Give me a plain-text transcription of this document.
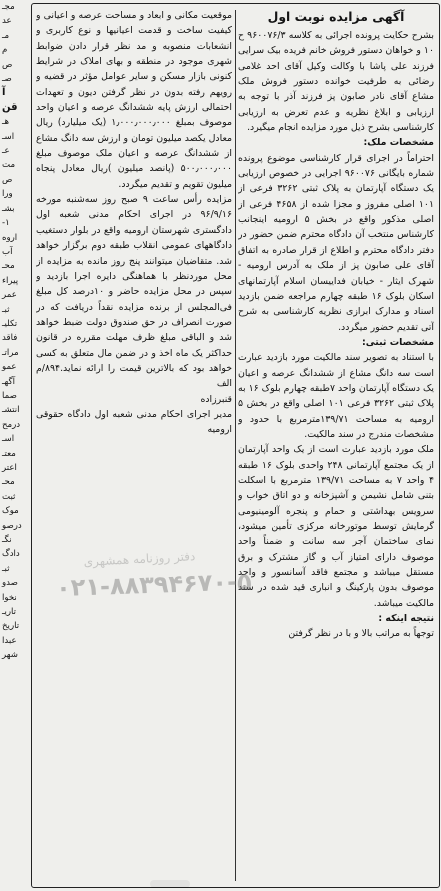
مجـ
عد
مـ
م
ص
صـ
آ
قن
هـ
اسـ
عـ
مت
ص
ورا
بشـ
۱-
اروه
آب
محـ
پیراء
عمر
ثبـ
تکلیـ
فاقد
مراتـ
عمو
آگهـ
صما
انتشـ
درمح
اسـ
معتـ
اعتر
محـ
ثبت
موک
درصو
نگـ
دادگ
ثبـ
صدو
نخوا
تاریـ
تاریخ
عبدا
شهر
آگهی مزایده نوبت اول

بشرح حکایت پرونده اجرائی به کلاسه ۹۶۰۰۷۶/۳ ح ۱۰ و خواهان دستور فروش خانم فریده بیک سرایی فرزند علی پاشا با وکالت وکیل آقای احد غلامی رضائی به طرفیت خوانده دستور فروش ملک مشاع آقای نادر صابون پز فرزند آذر با توجه به ارزیابی و ابلاغ نظریه و عدم تعرض به ارزیابی کارشناسی بشرح ذیل مورد مزایده انجام میگیرد.

مشخصات ملک:

احتراماً در اجرای قرار کارشناسی موضوع پرونده شماره بایگانی ۹۶۰۰۷۶ اجرایی در خصوص ارزیابی یک دستگاه آپارتمان به پلاک ثبتی ۳۲۶۲ فرعی از ۱۰۱ اصلی مفروز و مجزا شده از ۴۶۵۸ فرعی از اصلی مذکور واقع در بخش ۵ ارومیه اینجانب کارشناس منتخب آن دادگاه محترم ضمن حضور در دفتر دادگاه محترم و اطلاع از قرار صادره به اتفاق آقای علی صابون پز از ملک به آدرس ارومیه - شهرک ایثار - خیابان فداییسان اسلام آپارتمانهای اسکان بلوک ۱۶ طبقه چهارم مراجعه ضمن بازدید اسناد و مدارک ابرازی نظریه کارشناسی به شرح آتی تقدیم حضور میگردد.

مشخصات ثبتی:

با استناد به تصویر سند مالکیت مورد بازدید عبارت است سه دانگ مشاع از ششدانگ عرصه و اعیان یک دستگاه آپارتمان واحد ۷طبقه چهارم بلوک ۱۶ به پلاک ثبتی ۳۲۶۲ فرعی ۱۰۱ اصلی واقع در بخش ۵ ارومیه به مساحت ۱۳۹/۷۱مترمربع با حدود و مشخصات مندرج در سند مالکیت.

ملک مورد بازدید عبارت است از یک واحد آپارتمان از یک مجتمع آپارتمانی ۲۴۸ واحدی بلوک ۱۶ طبقه ۴ واحد ۷ به مساحت ۱۳۹/۷۱ مترمربع با اسکلت بتنی شامل نشیمن و آشپزخانه و دو اتاق خواب و سرویس بهداشتی و حمام و پنجره آلومینیومی گرمایش توسط موتورخانه مرکزی تأمین میشود، نمای ساختمان آجر سه سانت و ضمناً واحد موصوف دارای امتیاز آب و گاز مشترک و برق مستقل میباشد و مجتمع فاقد آسانسور و واحد موصوف بدون پارکینگ و انباری قید شده در سند مالکیت میباشد.

نتیجه اینکه :

توجهاً به مراتب بالا و با در نظر گرفتن

موقعیت مکانی و ابعاد و مساحت عرصه و اعیانی و کیفیت ساخت و قدمت اعیانیها و نوع کاربری و انشعابات منصوبه و مد نظر قرار دادن ضوابط شهری موجود در منطقه و بهای املاک در شرایط کنونی بازار مسکن و سایر عوامل مؤثر در قضیه و رویهم رفته بدون در نظر گرفتن دیون و تعهدات احتمالی ارزش پایه ششدانگ عرصه و اعیان واحد موصوف بمبلغ ۱٫۰۰۰٫۰۰۰٫۰۰۰ (یک میلیارد) ریال معادل یکصد میلیون تومان و ارزش سه دانگ مشاع از ششدانگ عرصه و اعیان ملک موصوف مبلغ ۵۰۰٫۰۰۰٫۰۰۰ (پانصد میلیون )ریال معادل پنجاه میلیون تقویم و تقدیم میگردد.

مزایده رأس ساعت ۹ صبح روز سه‌شنبه مورخه ۹۶/۹/۱۶ در اجرای احکام مدنی شعبه اول دادگستری شهرستان ارومیه واقع در بلوار دستغیب دادگاههای عمومی انقلاب طبقه دوم برگزار خواهد شد. متقاضیان میتوانند پنج روز مانده به مزایده از محل موردنظر با هماهنگی دایره اجرا بازدید و سپس در محل مزایده حاضر و ۱۰درصد کل مبلغ فی‌المجلس از برنده مزایده نقداً دریافت که در صورت انصراف در حق صندوق دولت ضبط خواهد شد و الباقی مبلغ ظرف مهلت مقرره در قانون حداکثر یک ماه اخذ و در ضمن مال متعلق به کسی خواهد بود که بالاترین قیمت را ارائه نماید.۸۹۴/م الف

قنبرزاده

مدیر اجرای احکام مدنی شعبه اول دادگاه حقوقی ارومیه

دفتر روزنامه همشهری
۰۲۱-۸۸۳۹۴۶۷۰-۵
